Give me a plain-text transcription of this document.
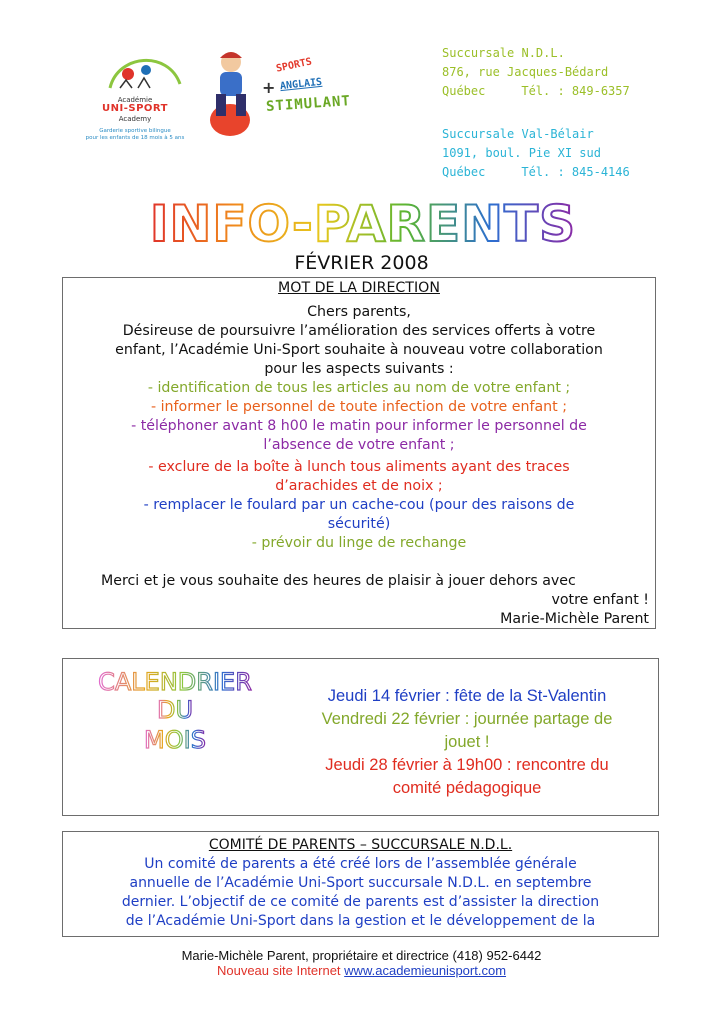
Académie
UNI-SPORT
Academy
Garderie sportive bilingue
pour les enfants de 18 mois à 5 ans
SPORTS
+ ANGLAIS
STIMULANT
Succursale N.D.L.
876, rue Jacques-Bédard
Québec	Tél. : 849-6357
Succursale Val-Bélair
1091, boul. Pie XI sud
Québec	Tél. : 845-4146
INFO-PARENTS
FÉVRIER 2008
MOT DE LA DIRECTION
Chers parents,
Désireuse de poursuivre l’amélioration des services offerts à votre
enfant, l’Académie Uni-Sport souhaite à nouveau votre collaboration
pour les aspects suivants :
- identification de tous les articles au nom de votre enfant ;
- informer le personnel de toute infection de votre enfant ;
- téléphoner avant 8 h00 le matin pour informer le personnel de
l’absence de votre enfant ;
- exclure de la boîte à lunch tous aliments ayant des traces
d’arachides et de noix ;
- remplacer le foulard par un cache-cou (pour des raisons de
sécurité)
- prévoir du linge de rechange
Merci et je vous souhaite des heures de plaisir à jouer dehors avec
votre enfant !
Marie-Michèle Parent
Jeudi 14 février : fête de la St-Valentin
Vendredi 22 février : journée partage de
jouet !
Jeudi 28 février à 19h00 : rencontre du
comité pédagogique
CALENDRIER
DU
MOIS
COMITÉ DE PARENTS – SUCCURSALE N.D.L.
Un comité de parents a été créé lors de l’assemblée générale
annuelle de l’Académie Uni-Sport succursale N.D.L. en septembre
dernier. L’objectif de ce comité de parents est d’assister la direction
de l’Académie Uni-Sport dans la gestion et le développement de la
Marie-Michèle Parent, propriétaire et directrice (418) 952-6442
Nouveau site Internet www.academieunisport.com
